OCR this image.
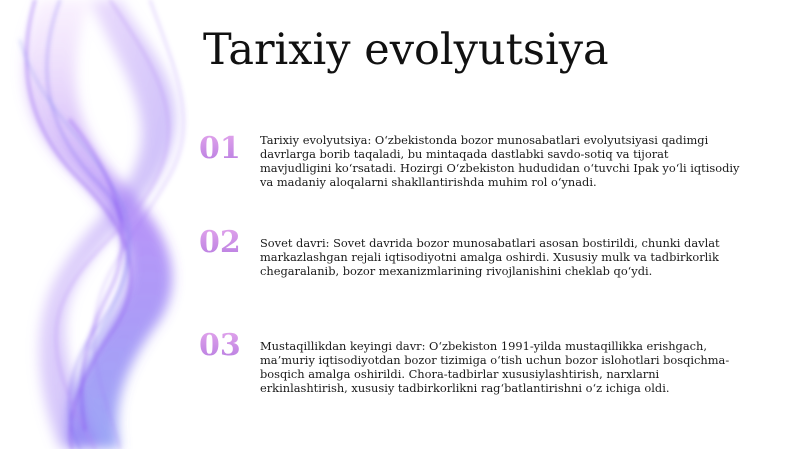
Tarixiy evolyutsiya
01 Tarixiy evolyutsiya: O‘zbekistonda bozor munosabatlari evolyutsiyasi qadimgi davrlarga borib taqaladi, bu mintaqada dastlabki savdo-sotiq va tijorat mavjudligini ko‘rsatadi. Hozirgi O‘zbekiston hududidan o‘tuvchi Ipak yo‘li iqtisodiy va madaniy aloqalarni shakllantirishda muhim rol o‘ynadi.
02 Sovet davri: Sovet davrida bozor munosabatlari asosan bostirildi, chunki davlat markazlashgan rejali iqtisodiyotni amalga oshirdi. Xususiy mulk va tadbirkorlik chegaralanib, bozor mexanizmlarining rivojlanishini cheklab qo‘ydi.
03 Mustaqillikdan keyingi davr: O‘zbekiston 1991-yilda mustaqillikka erishgach, ma’muriy iqtisodiyotdan bozor tizimiga o‘tish uchun bozor islohotlari bosqichma-bosqich amalga oshirildi. Chora-tadbirlar xususiylashtirish, narxlarni erkinlashtirish, xususiy tadbirkorlikni rag‘batlantirishni o‘z ichiga oldi.
